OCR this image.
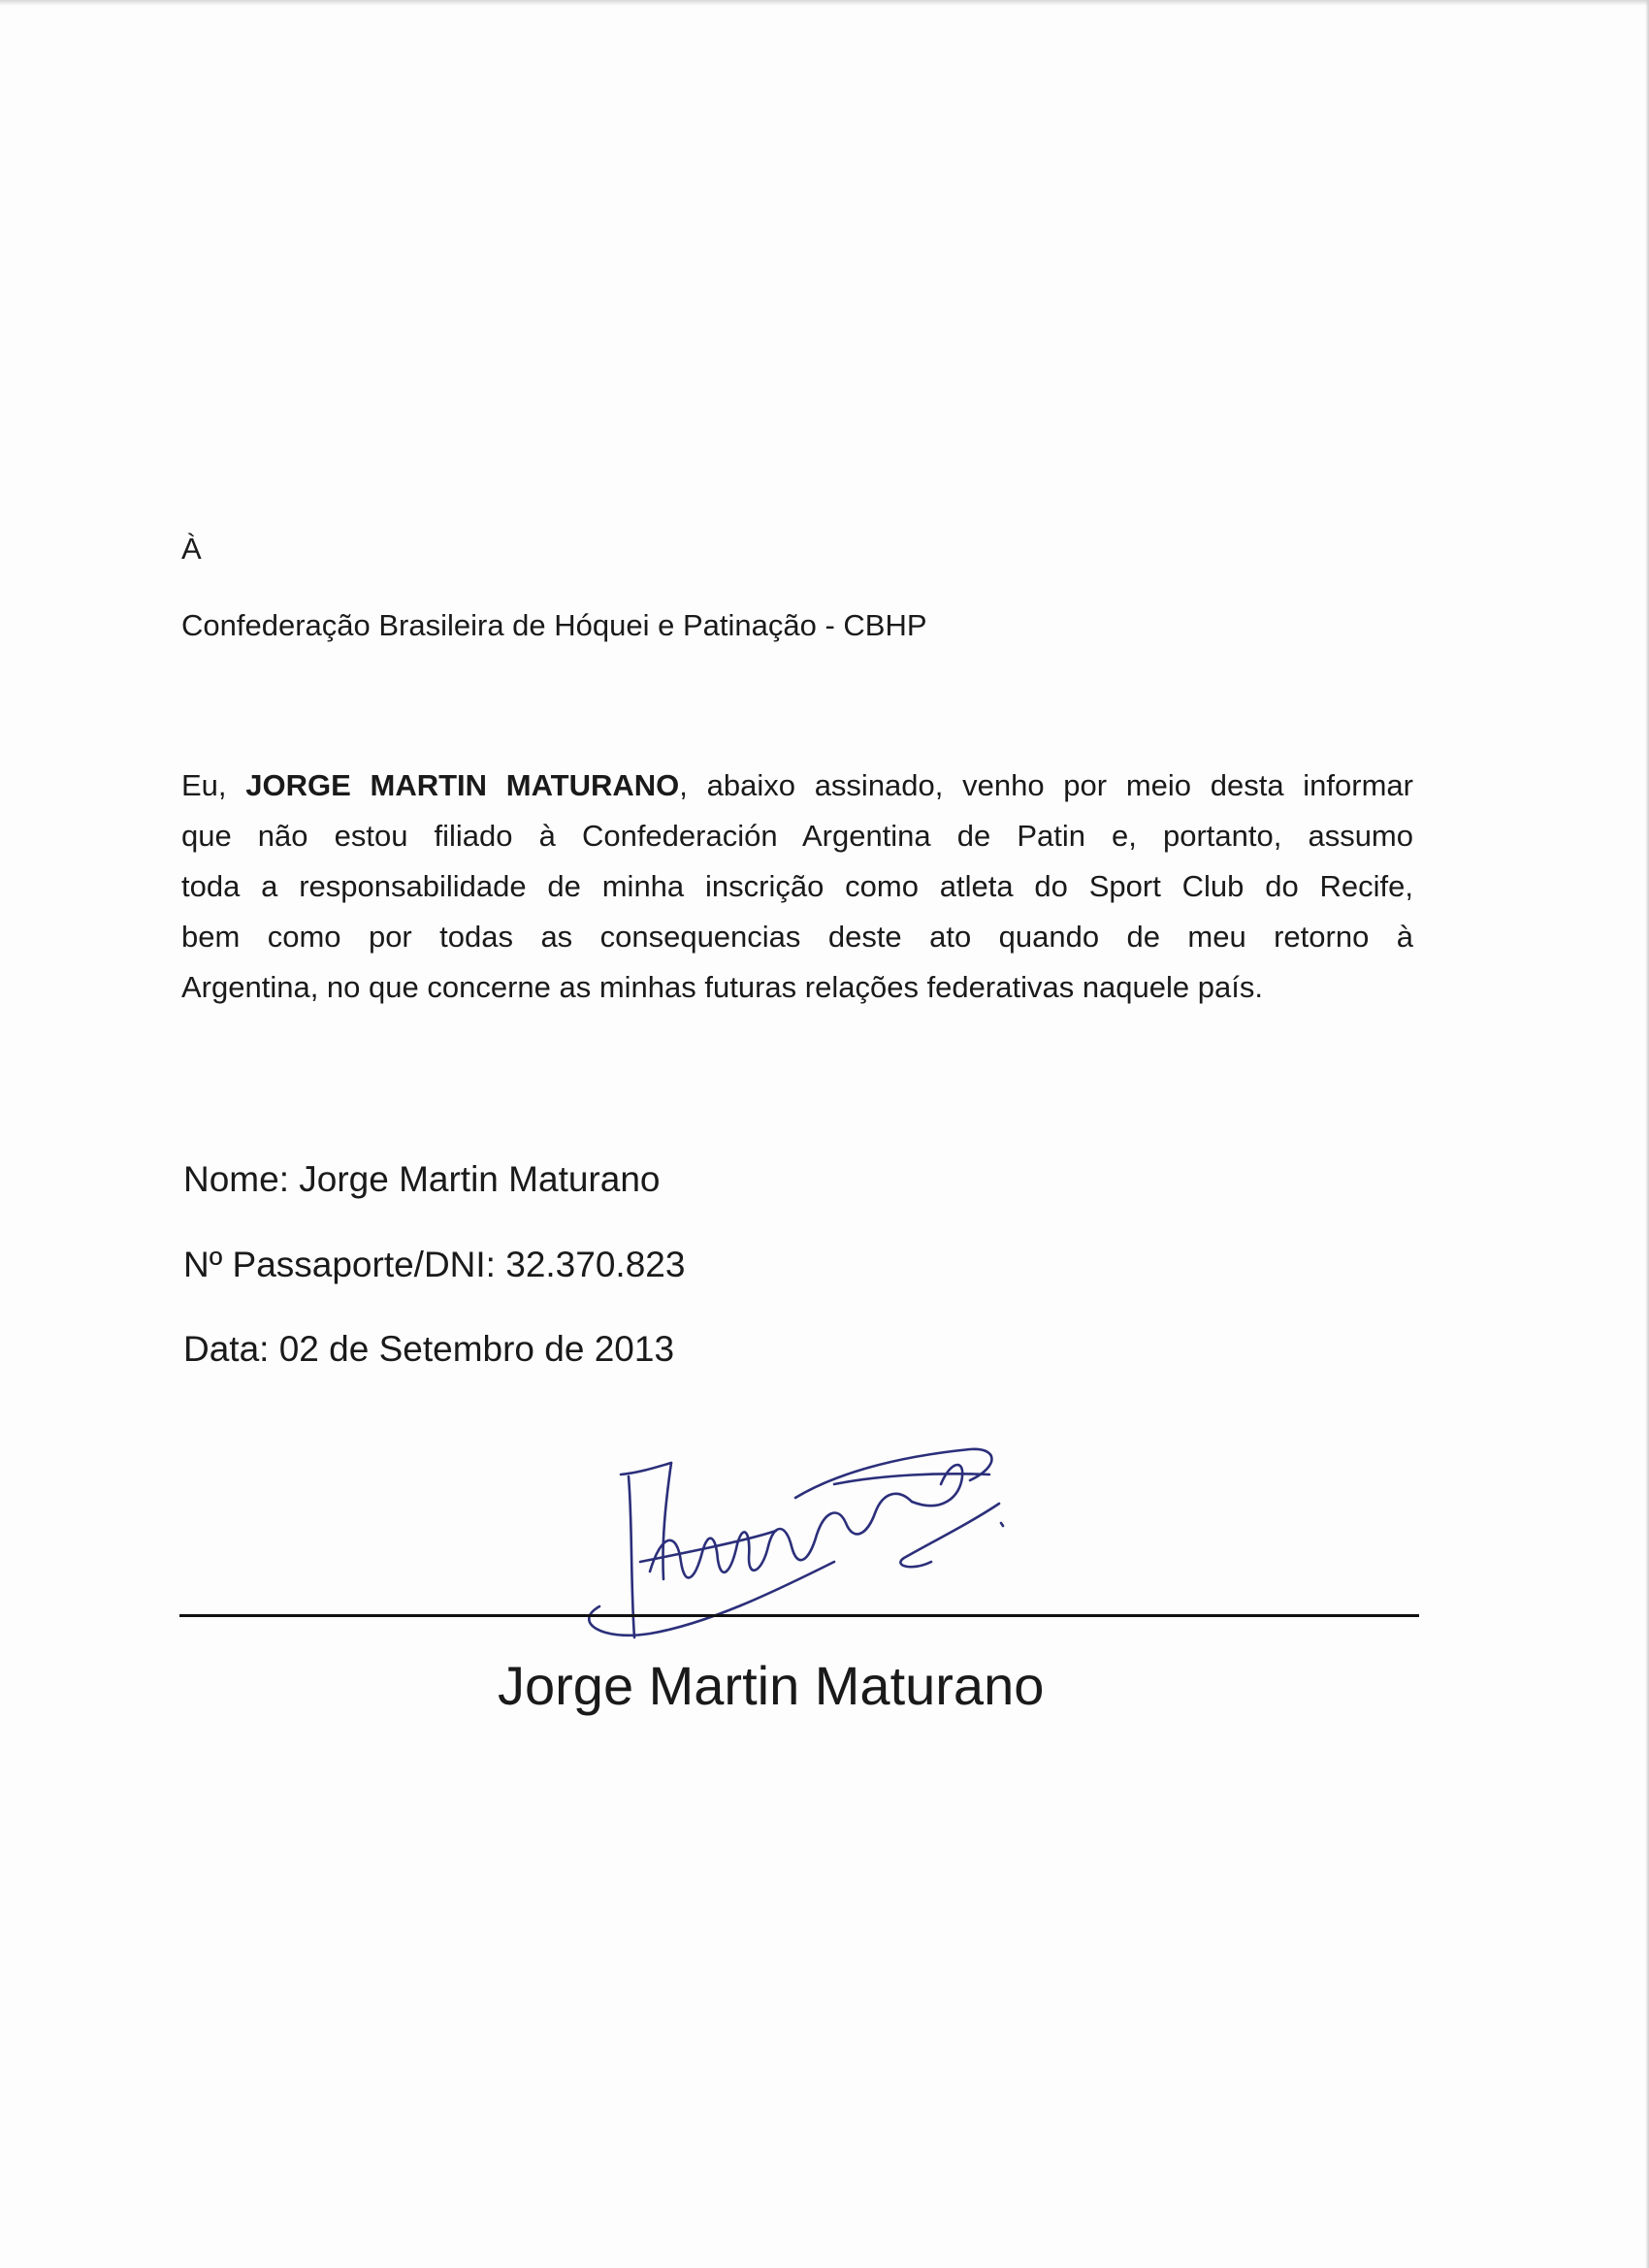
À
Confederação Brasileira de Hóquei e Patinação - CBHP
Eu, JORGE MARTIN MATURANO, abaixo assinado, venho por meio desta informar
que não estou filiado à Confederación Argentina de Patin e, portanto, assumo
toda a responsabilidade de minha inscrição como atleta do Sport Club do Recife,
bem como por todas as consequencias deste ato quando de meu retorno à
Argentina, no que concerne as minhas futuras relações federativas naquele país.
Nome: Jorge Martin Maturano
Nº Passaporte/DNI: 32.370.823
Data: 02 de Setembro de 2013
Jorge Martin Maturano
